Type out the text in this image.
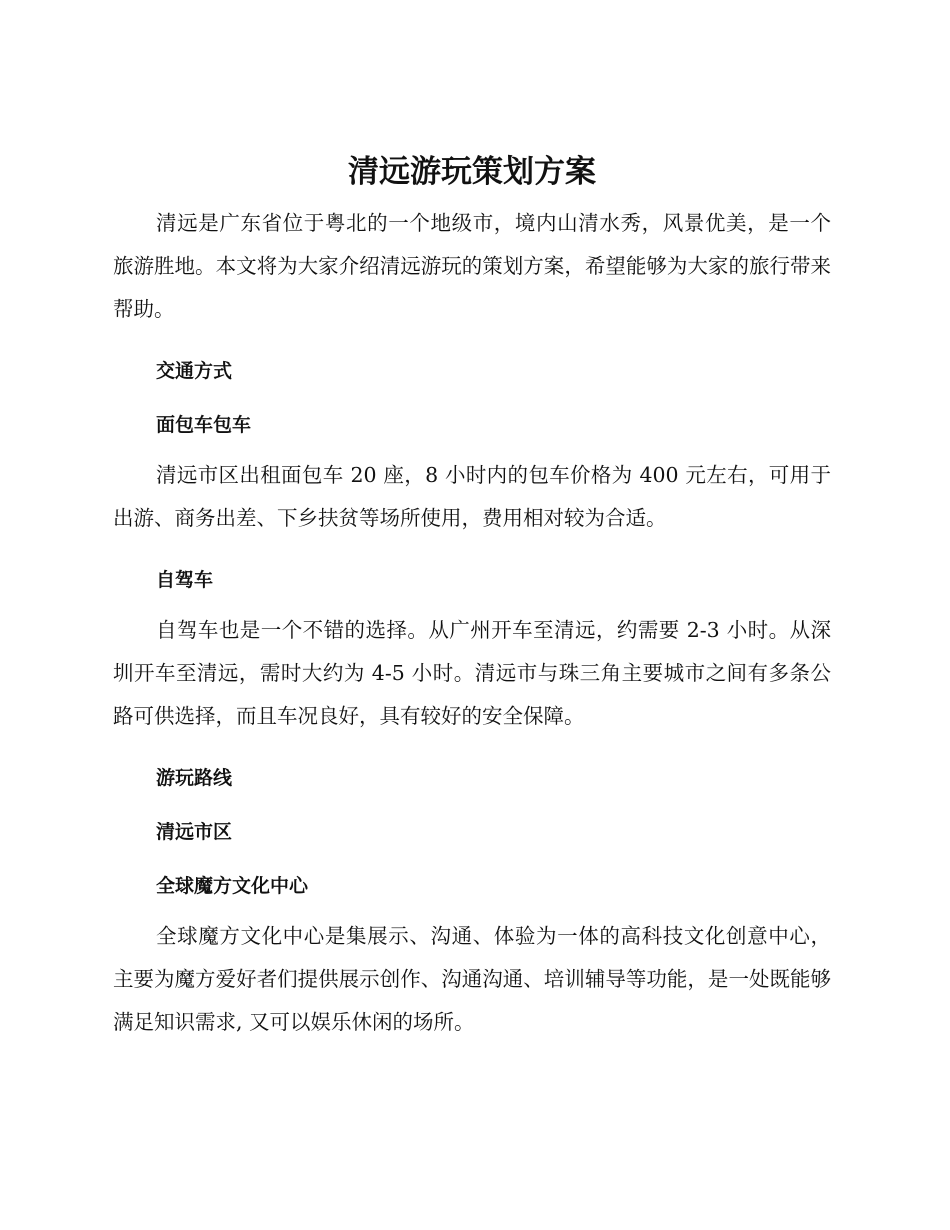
清远游玩策划方案

清远是广东省位于粤北的一个地级市，境内山清水秀，风景优美，是一个旅游胜地。本文将为大家介绍清远游玩的策划方案，希望能够为大家的旅行带来帮助。

交通方式
面包车包车

清远市区出租面包车 20 座，8 小时内的包车价格为 400 元左右，可用于出游、商务出差、下乡扶贫等场所使用，费用相对较为合适。

自驾车

自驾车也是一个不错的选择。从广州开车至清远，约需要 2-3 小时。从深圳开车至清远，需时大约为 4-5 小时。清远市与珠三角主要城市之间有多条公路可供选择，而且车况良好，具有较好的安全保障。

游玩路线
清远市区
全球魔方文化中心

全球魔方文化中心是集展示、沟通、体验为一体的高科技文化创意中心，主要为魔方爱好者们提供展示创作、沟通沟通、培训辅导等功能，是一处既能够满足知识需求, 又可以娱乐休闲的场所。
